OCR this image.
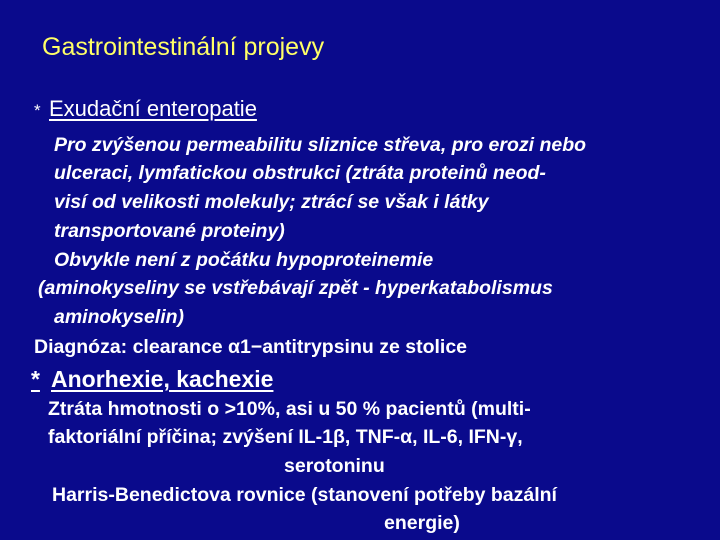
Gastrointestinální projevy
* Exudační enteropatie
Pro zvýšenou permeabilitu sliznice střeva, pro erozi nebo
ulceraci, lymfatickou obstrukci (ztráta proteinů neod-
visí od velikosti molekuly; ztrácí se však i látky
transportované proteiny)
Obvykle není z počátku hypoproteinemie
(aminokyseliny se vstřebávají zpět - hyperkatabolismus
aminokyselin)
Diagnóza: clearance α1−antitrypsinu ze stolice
* Anorhexie, kachexie
Ztráta hmotnosti o >10%, asi u 50 % pacientů (multi-
faktoriální příčina; zvýšení IL-1β, TNF-α, IL-6, IFN-γ,
serotoninu
Harris-Benedictova rovnice (stanovení potřeby bazální
energie)
